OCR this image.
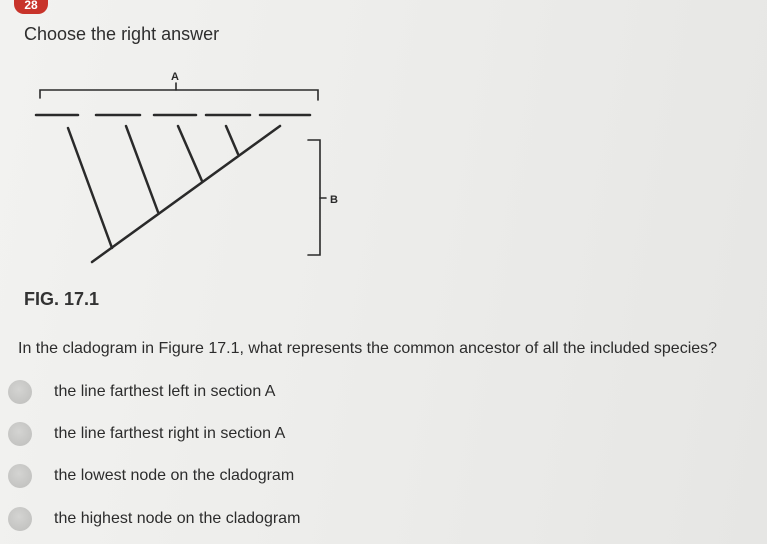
28
Choose the right answer
A
B
FIG. 17.1
In the cladogram in Figure 17.1, what represents the common ancestor of all the included species?
the line farthest left in section A
the line farthest right in section A
the lowest node on the cladogram
the highest node on the cladogram
